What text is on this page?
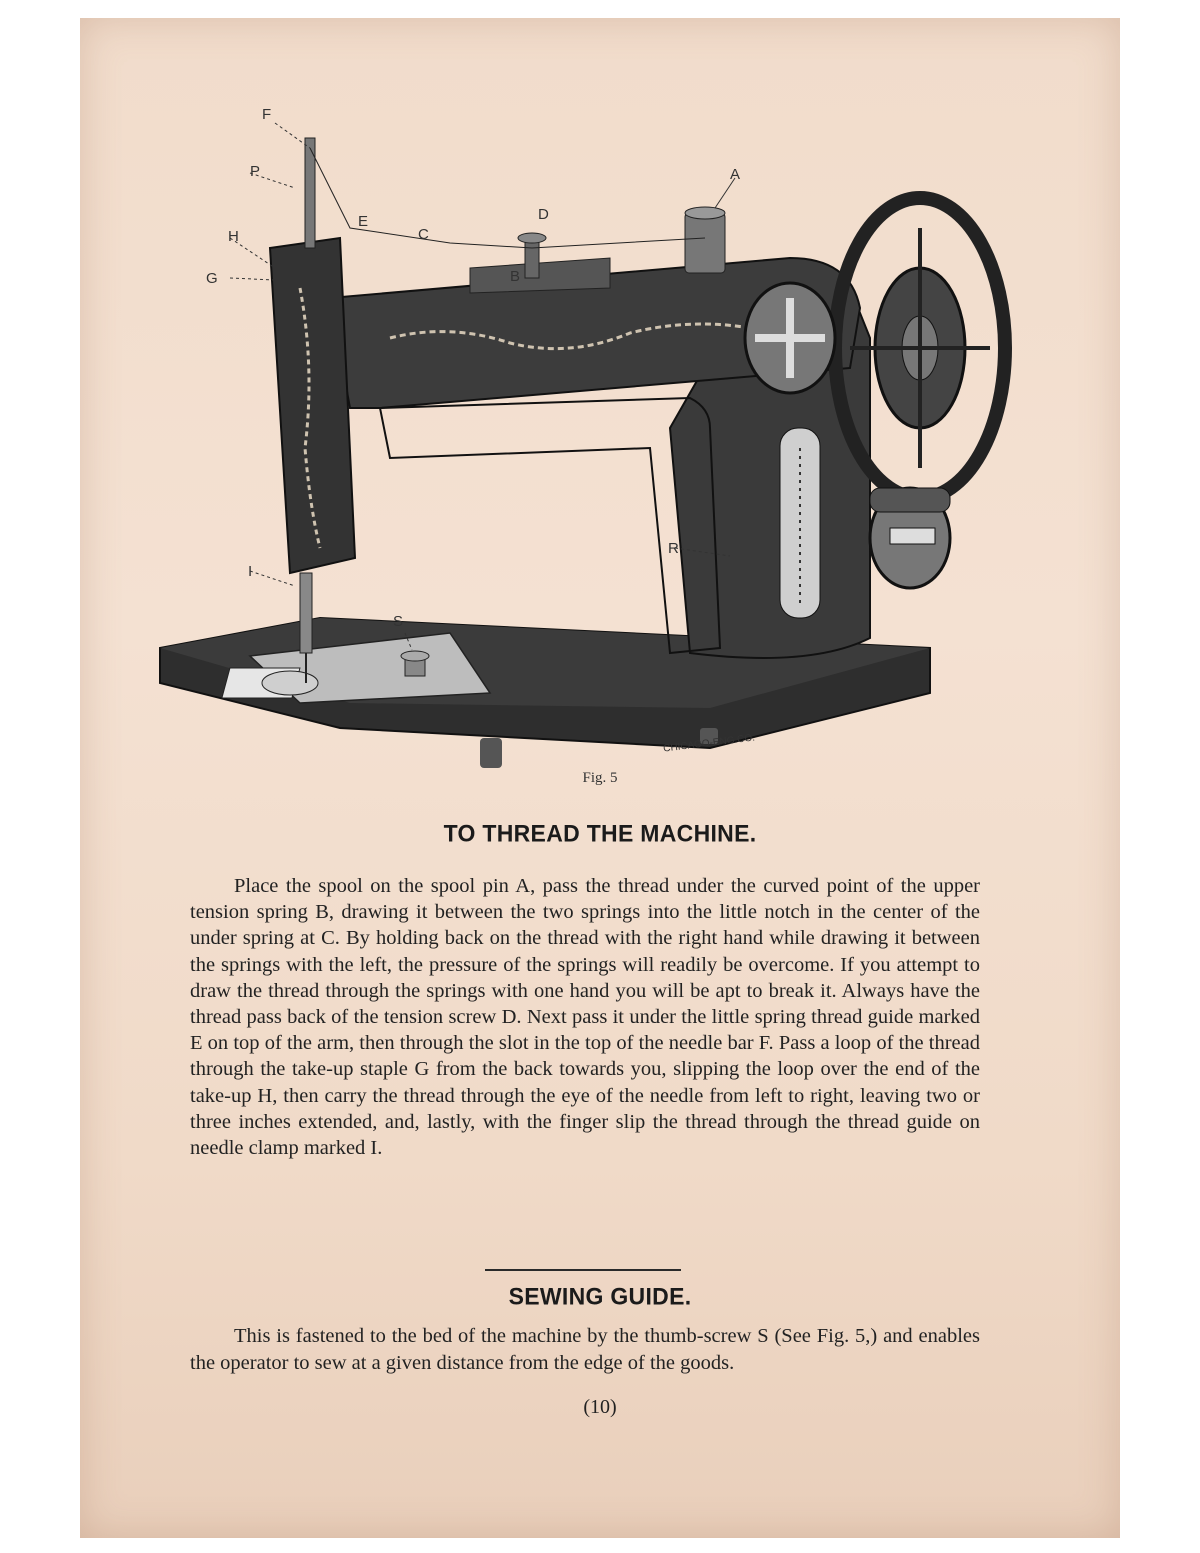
F
P
H
G
E
C
D
B
A
R
I
S
CHICAGO-ENG.CO.
Fig. 5
TO THREAD THE MACHINE.
Place the spool on the spool pin A, pass the thread under the curved point of the upper tension spring B, drawing it between the two springs into the little notch in the center of the under spring at C. By holding back on the thread with the right hand while drawing it between the springs with the left, the pressure of the springs will readily be overcome. If you attempt to draw the thread through the springs with one hand you will be apt to break it. Always have the thread pass back of the tension screw D. Next pass it under the little spring thread guide marked E on top of the arm, then through the slot in the top of the needle bar F. Pass a loop of the thread through the take-up staple G from the back towards you, slipping the loop over the end of the take-up H, then carry the thread through the eye of the needle from left to right, leaving two or three inches extended, and, lastly, with the finger slip the thread through the thread guide on needle clamp marked I.
SEWING GUIDE.
This is fastened to the bed of the machine by the thumb-screw S (See Fig. 5,) and enables the operator to sew at a given distance from the edge of the goods.
(10)
